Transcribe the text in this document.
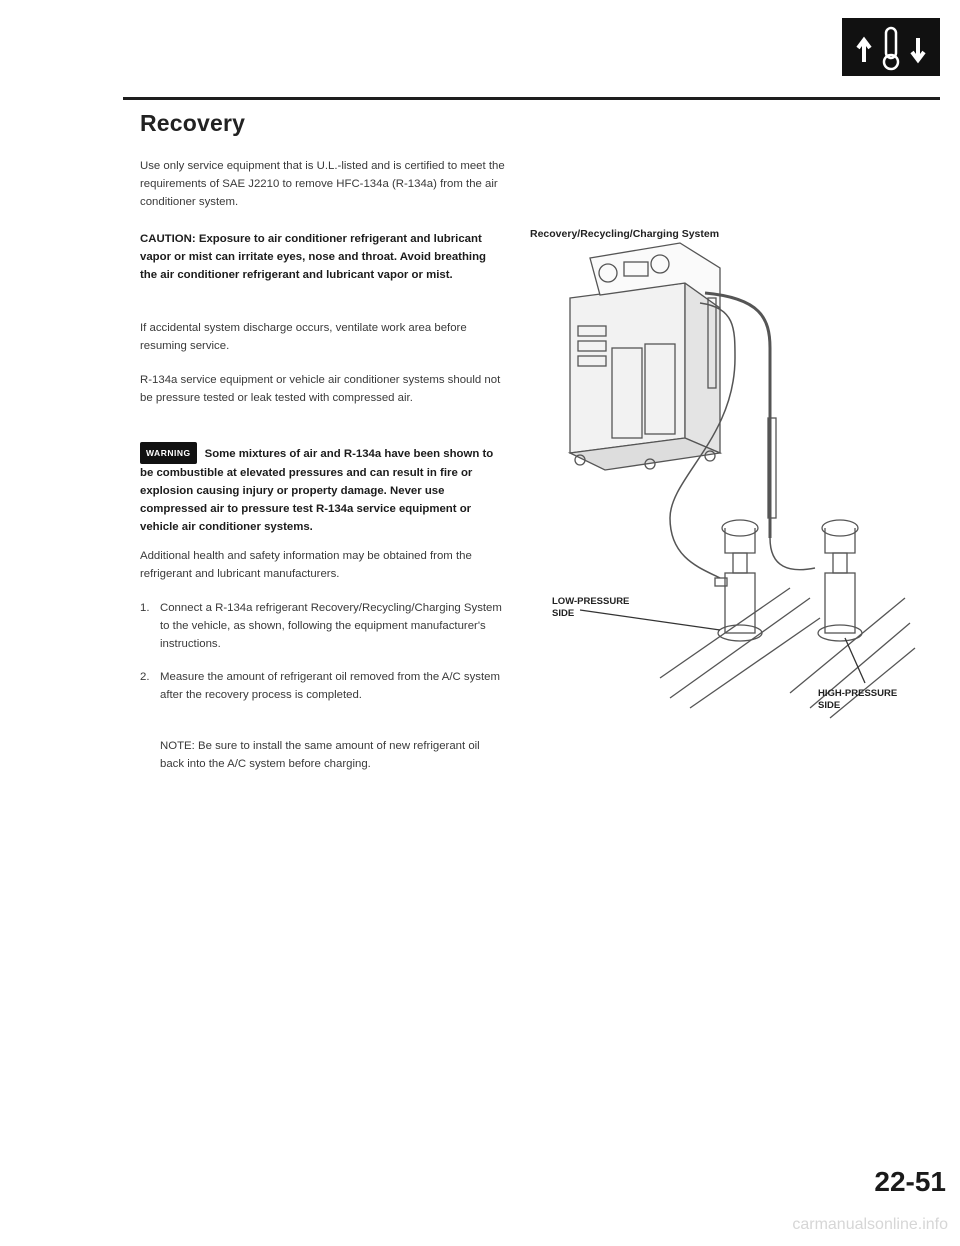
Recovery

Use only service equipment that is U.L.-listed and is certified to meet the requirements of SAE J2210 to remove HFC-134a (R-134a) from the air conditioner system.

CAUTION: Exposure to air conditioner refrigerant and lubricant vapor or mist can irritate eyes, nose and throat. Avoid breathing the air conditioner refrigerant and lubricant vapor or mist.

If accidental system discharge occurs, ventilate work area before resuming service.

R-134a service equipment or vehicle air conditioner systems should not be pressure tested or leak tested with compressed air.

WARNING Some mixtures of air and R-134a have been shown to be combustible at elevated pressures and can result in fire or explosion causing injury or property damage. Never use compressed air to pressure test R-134a service equipment or vehicle air conditioner systems.

Additional health and safety information may be obtained from the refrigerant and lubricant manufacturers.

1. Connect a R-134a refrigerant Recovery/Recycling/Charging System to the vehicle, as shown, following the equipment manufacturer's instructions.
2. Measure the amount of refrigerant oil removed from the A/C system after the recovery process is completed.
NOTE: Be sure to install the same amount of new refrigerant oil back into the A/C system before charging.
Recovery/Recycling/Charging System
LOW-PRESSURE SIDE
HIGH-PRESSURE SIDE
22-51
carmanualsonline.info
